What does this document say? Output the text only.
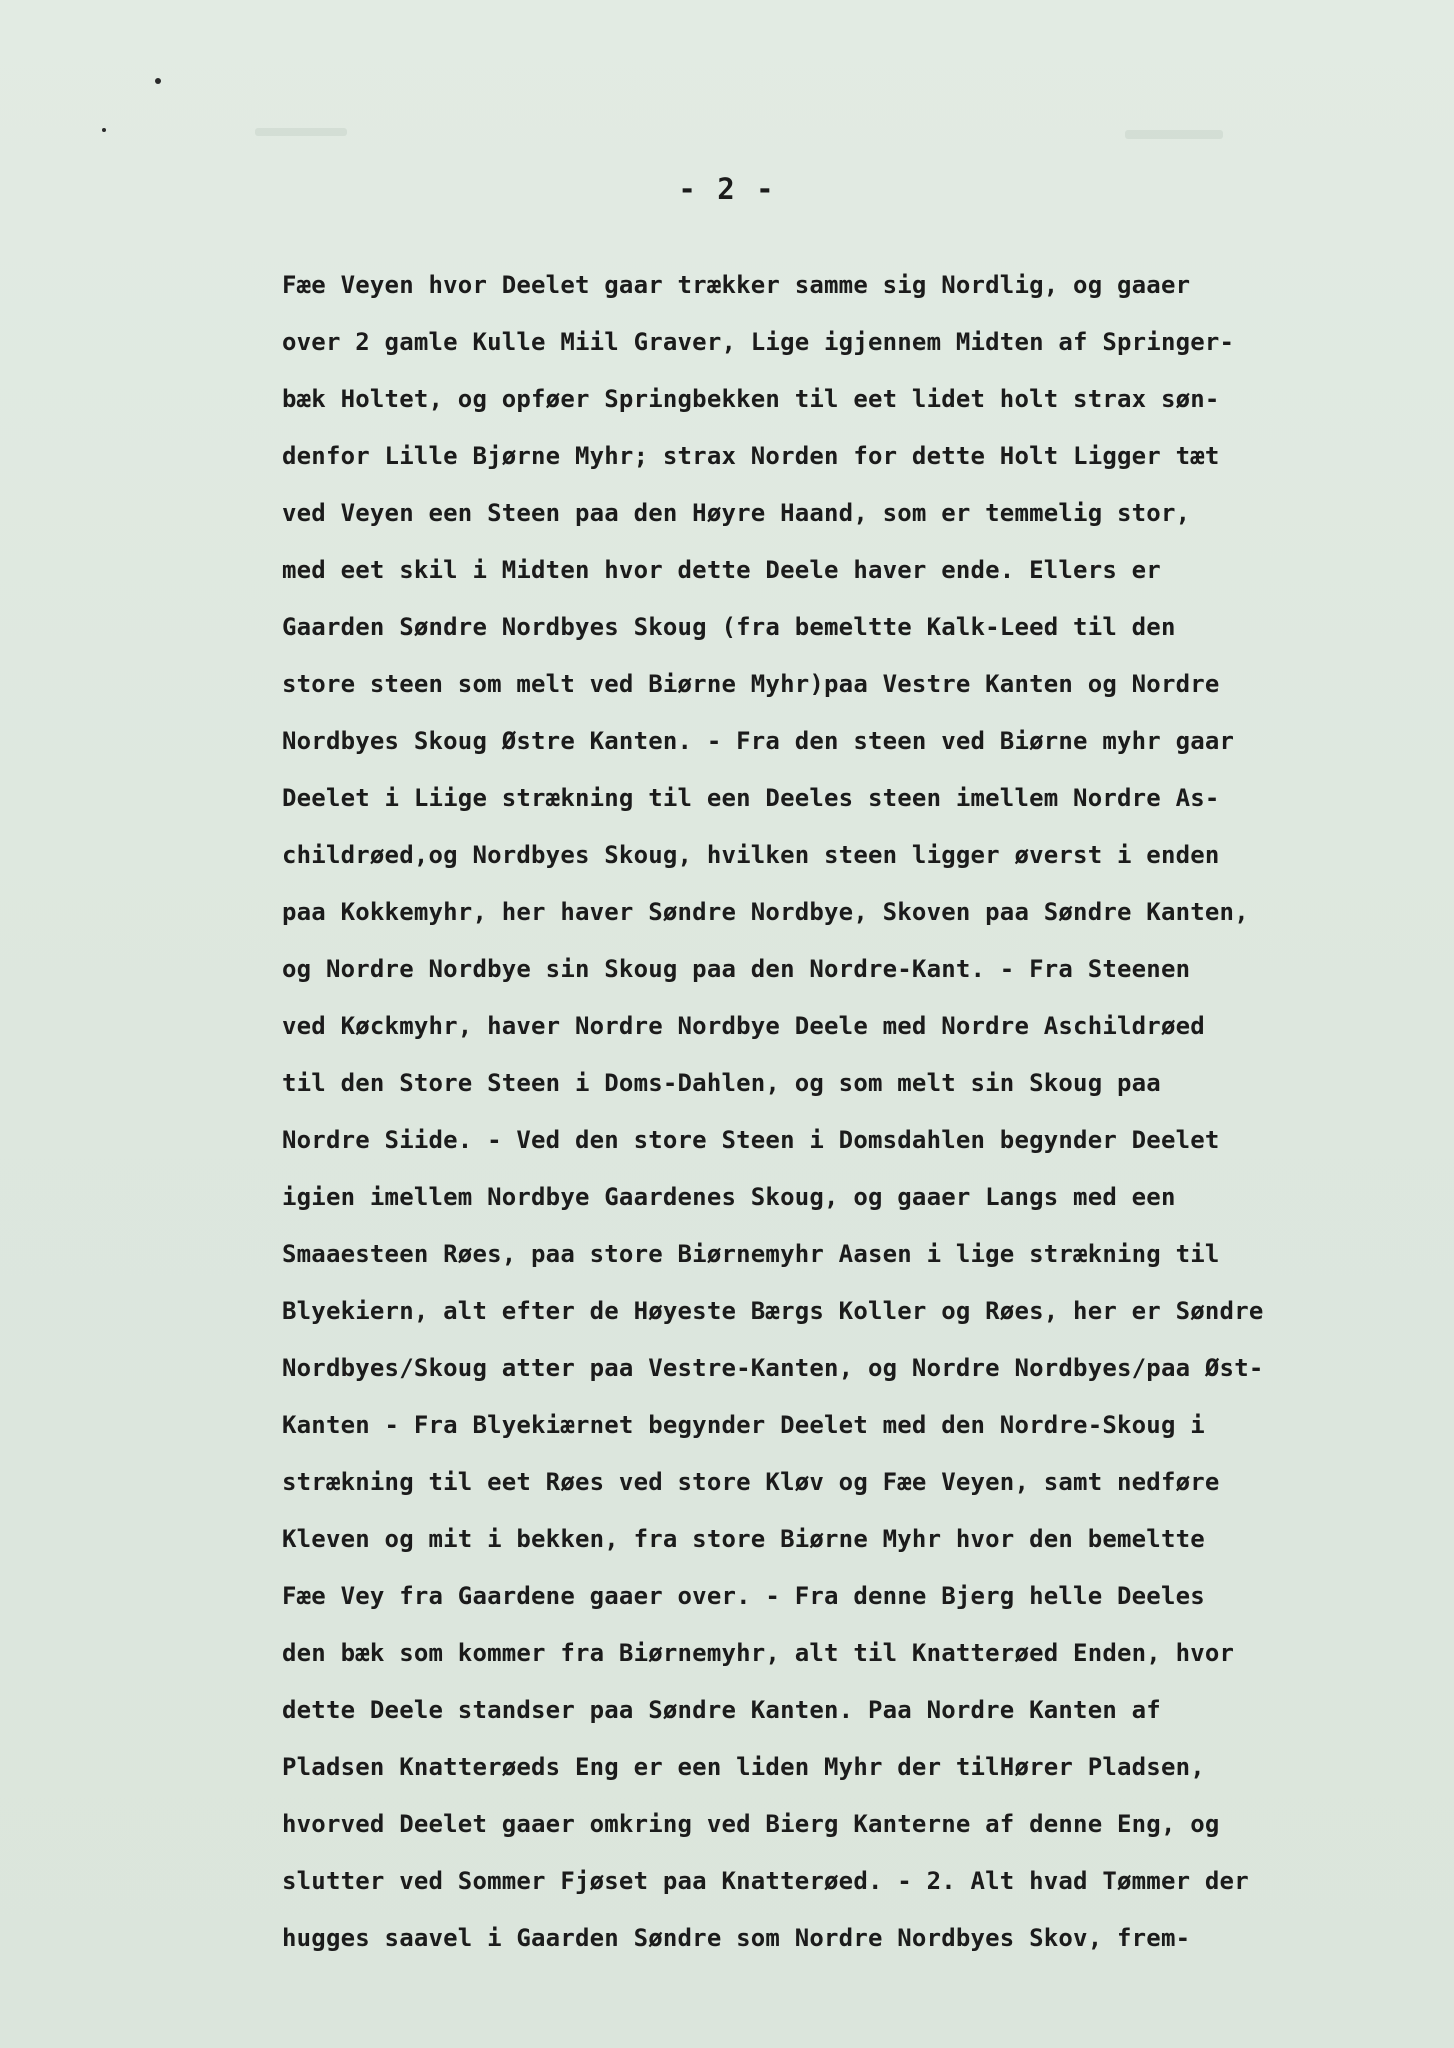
- 2 -
Fæe Veyen hvor Deelet gaar trækker samme sig Nordlig, og gaaer
over 2 gamle Kulle Miil Graver, Lige igjennem Midten af Springer-
bæk Holtet, og opføer Springbekken til eet lidet holt strax søn-
denfor Lille Bjørne Myhr; strax Norden for dette Holt Ligger tæt
ved Veyen een Steen paa den Høyre Haand, som er temmelig stor,
med eet skil i Midten hvor dette Deele haver ende. Ellers er
Gaarden Søndre Nordbyes Skoug (fra bemeltte Kalk-Leed til den
store steen som melt ved Biørne Myhr)paa Vestre Kanten og Nordre
Nordbyes Skoug Østre Kanten. - Fra den steen ved Biørne myhr gaar
Deelet i Liige strækning til een Deeles steen imellem Nordre As-
childrøed,og Nordbyes Skoug, hvilken steen ligger øverst i enden
paa Kokkemyhr, her haver Søndre Nordbye, Skoven paa Søndre Kanten,
og Nordre Nordbye sin Skoug paa den Nordre-Kant. - Fra Steenen
ved Køckmyhr, haver Nordre Nordbye Deele med Nordre Aschildrøed
til den Store Steen i Doms-Dahlen, og som melt sin Skoug paa
Nordre Siide. - Ved den store Steen i Domsdahlen begynder Deelet
igien imellem Nordbye Gaardenes Skoug, og gaaer Langs med een
Smaaesteen Røes, paa store Biørnemyhr Aasen i lige strækning til
Blyekiern, alt efter de Høyeste Bærgs Koller og Røes, her er Søndre
Nordbyes/Skoug atter paa Vestre-Kanten, og Nordre Nordbyes/paa Øst-
Kanten - Fra Blyekiærnet begynder Deelet med den Nordre-Skoug i
strækning til eet Røes ved store Kløv og Fæe Veyen, samt nedføre
Kleven og mit i bekken, fra store Biørne Myhr hvor den bemeltte
Fæe Vey fra Gaardene gaaer over. - Fra denne Bjerg helle Deeles
den bæk som kommer fra Biørnemyhr, alt til Knatterøed Enden, hvor
dette Deele standser paa Søndre Kanten. Paa Nordre Kanten af
Pladsen Knatterøeds Eng er een liden Myhr der tilHører Pladsen,
hvorved Deelet gaaer omkring ved Bierg Kanterne af denne Eng, og
slutter ved Sommer Fjøset paa Knatterøed. - 2. Alt hvad Tømmer der
hugges saavel i Gaarden Søndre som Nordre Nordbyes Skov, frem-
